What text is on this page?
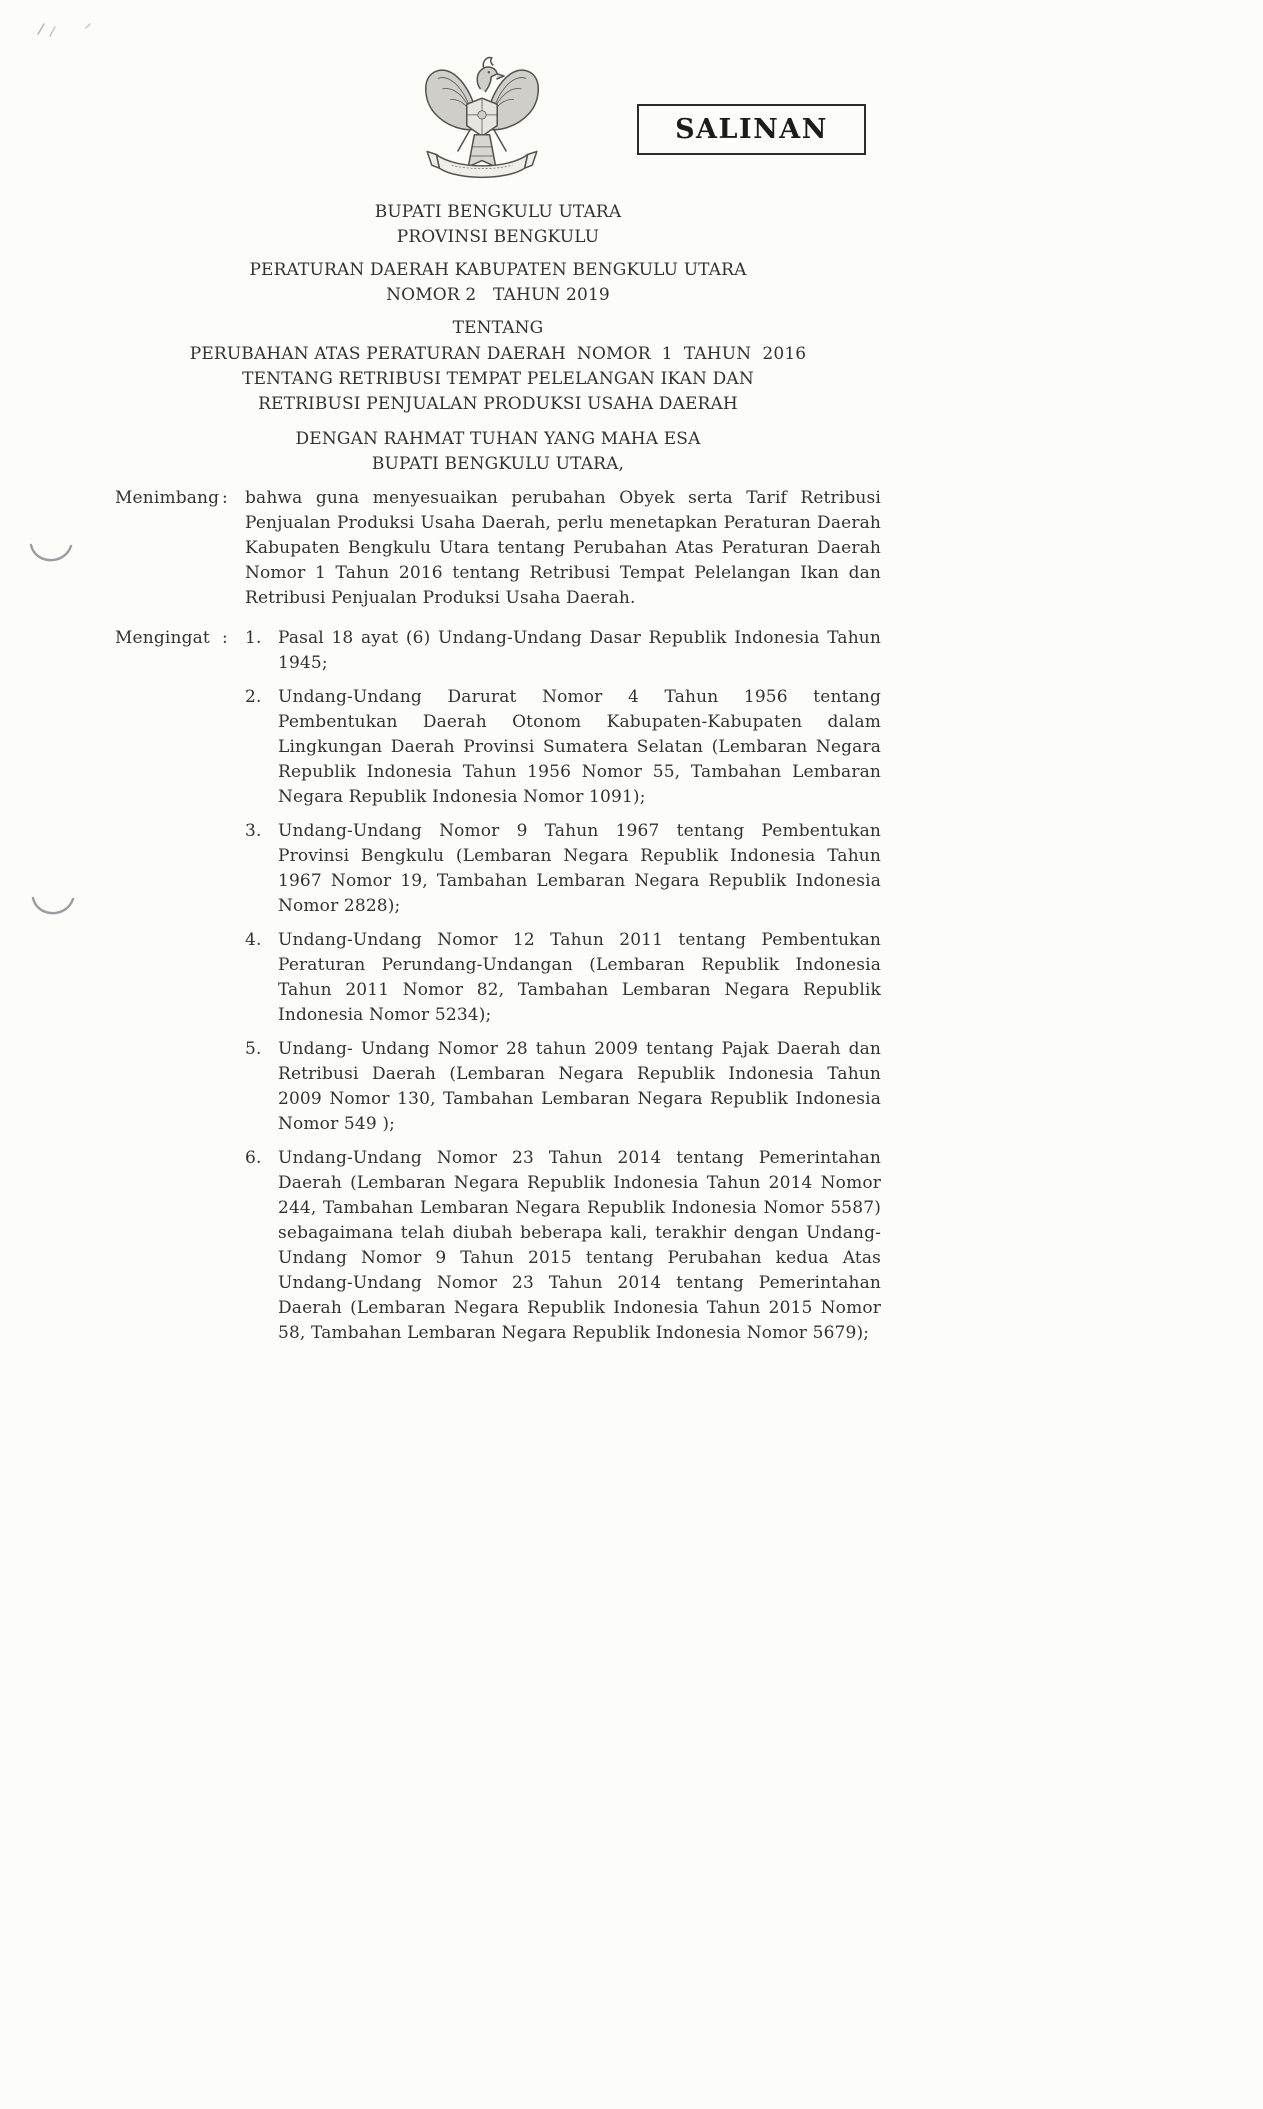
SALINAN
BUPATI BENGKULU UTARA
PROVINSI BENGKULU
PERATURAN DAERAH KABUPATEN BENGKULU UTARA
NOMOR 2   TAHUN 2019
TENTANG
PERUBAHAN ATAS PERATURAN DAERAH  NOMOR  1  TAHUN  2016
TENTANG RETRIBUSI TEMPAT PELELANGAN IKAN DAN
RETRIBUSI PENJUALAN PRODUKSI USAHA DAERAH
DENGAN RAHMAT TUHAN YANG MAHA ESA
BUPATI BENGKULU UTARA,
Menimbang :	bahwa guna menyesuaikan perubahan Obyek serta Tarif Retribusi Penjualan Produksi Usaha Daerah, perlu menetapkan Peraturan Daerah Kabupaten Bengkulu Utara tentang Perubahan Atas Peraturan Daerah Nomor 1 Tahun 2016 tentang Retribusi Tempat Pelelangan Ikan dan Retribusi Penjualan Produksi Usaha Daerah.
Mengingat :	1. Pasal 18 ayat (6) Undang-Undang Dasar Republik Indonesia Tahun 1945;
2. Undang-Undang Darurat Nomor 4 Tahun 1956 tentang Pembentukan Daerah Otonom Kabupaten-Kabupaten dalam Lingkungan Daerah Provinsi Sumatera Selatan (Lembaran Negara Republik Indonesia Tahun 1956 Nomor 55, Tambahan Lembaran Negara Republik Indonesia Nomor 1091);
3. Undang-Undang Nomor 9 Tahun 1967 tentang Pembentukan Provinsi Bengkulu (Lembaran Negara Republik Indonesia Tahun 1967 Nomor 19, Tambahan Lembaran Negara Republik Indonesia Nomor 2828);
4. Undang-Undang Nomor 12 Tahun 2011 tentang Pembentukan Peraturan Perundang-Undangan (Lembaran Republik Indonesia Tahun 2011 Nomor 82, Tambahan Lembaran Negara Republik Indonesia Nomor 5234);
5. Undang- Undang Nomor 28 tahun 2009 tentang Pajak Daerah dan Retribusi Daerah (Lembaran Negara Republik Indonesia Tahun 2009 Nomor 130, Tambahan Lembaran Negara Republik Indonesia Nomor 549 );
6. Undang-Undang Nomor 23 Tahun 2014 tentang Pemerintahan Daerah (Lembaran Negara Republik Indonesia Tahun 2014 Nomor 244, Tambahan Lembaran Negara Republik Indonesia Nomor 5587) sebagaimana telah diubah beberapa kali, terakhir dengan Undang-Undang Nomor 9 Tahun 2015 tentang Perubahan kedua Atas Undang-Undang Nomor 23 Tahun 2014 tentang Pemerintahan Daerah (Lembaran Negara Republik Indonesia Tahun 2015 Nomor 58, Tambahan Lembaran Negara Republik Indonesia Nomor 5679);
